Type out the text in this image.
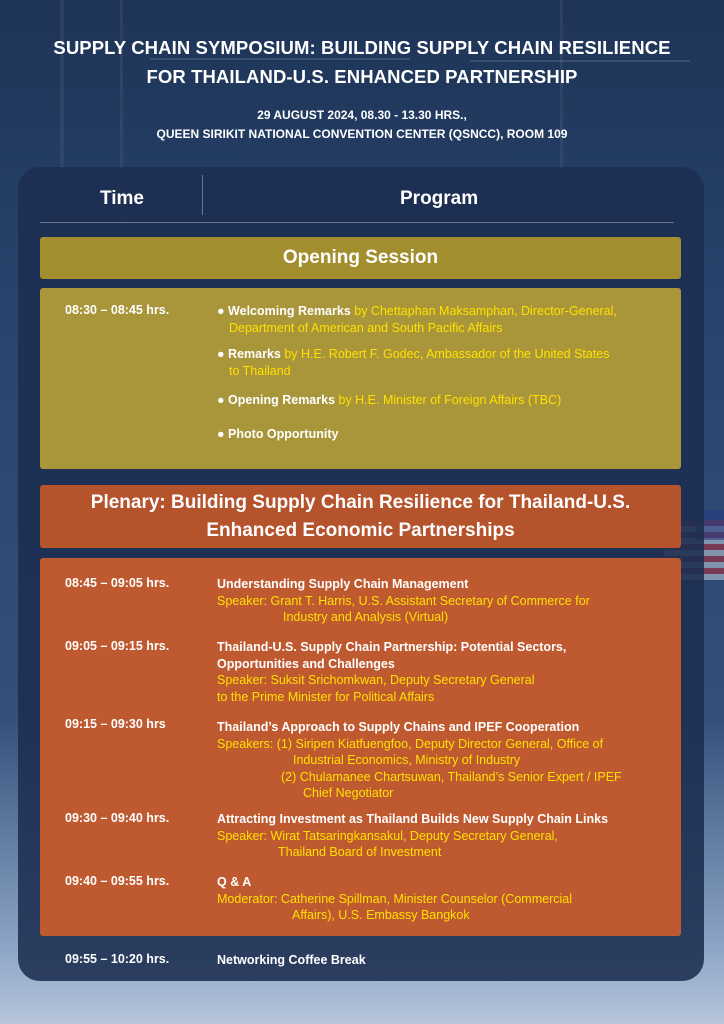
SUPPLY CHAIN SYMPOSIUM: BUILDING SUPPLY CHAIN RESILIENCE
FOR THAILAND-U.S. ENHANCED PARTNERSHIP
29 AUGUST 2024, 08.30 - 13.30 HRS.,
QUEEN SIRIKIT NATIONAL CONVENTION CENTER (QSNCC), ROOM 109
Time	Program
Opening Session
08:30 – 08:45 hrs.	● Welcoming Remarks by Chettaphan Maksamphan, Director-General,
Department of American and South Pacific Affairs
● Remarks by H.E. Robert F. Godec, Ambassador of the United States
to Thailand
● Opening Remarks by H.E. Minister of Foreign Affairs (TBC)
● Photo Opportunity
Plenary: Building Supply Chain Resilience for Thailand-U.S.
Enhanced Economic Partnerships
08:45 – 09:05 hrs.	Understanding Supply Chain Management
Speaker: Grant T. Harris, U.S. Assistant Secretary of Commerce for
Industry and Analysis (Virtual)
09:05 – 09:15 hrs.	Thailand-U.S. Supply Chain Partnership: Potential Sectors,
Opportunities and Challenges
Speaker: Suksit Srichomkwan, Deputy Secretary General
to the Prime Minister for Political Affairs
09:15 – 09:30 hrs	Thailand’s Approach to Supply Chains and IPEF Cooperation
Speakers: (1) Siripen Kiatfuengfoo, Deputy Director General, Office of
Industrial Economics, Ministry of Industry
(2) Chulamanee Chartsuwan, Thailand’s Senior Expert / IPEF
Chief Negotiator
09:30 – 09:40 hrs.	Attracting Investment as Thailand Builds New Supply Chain Links
Speaker: Wirat Tatsaringkansakul, Deputy Secretary General,
Thailand Board of Investment
09:40 – 09:55 hrs.	Q & A
Moderator: Catherine Spillman, Minister Counselor (Commercial
Affairs), U.S. Embassy Bangkok
09:55 – 10:20 hrs.	Networking Coffee Break
